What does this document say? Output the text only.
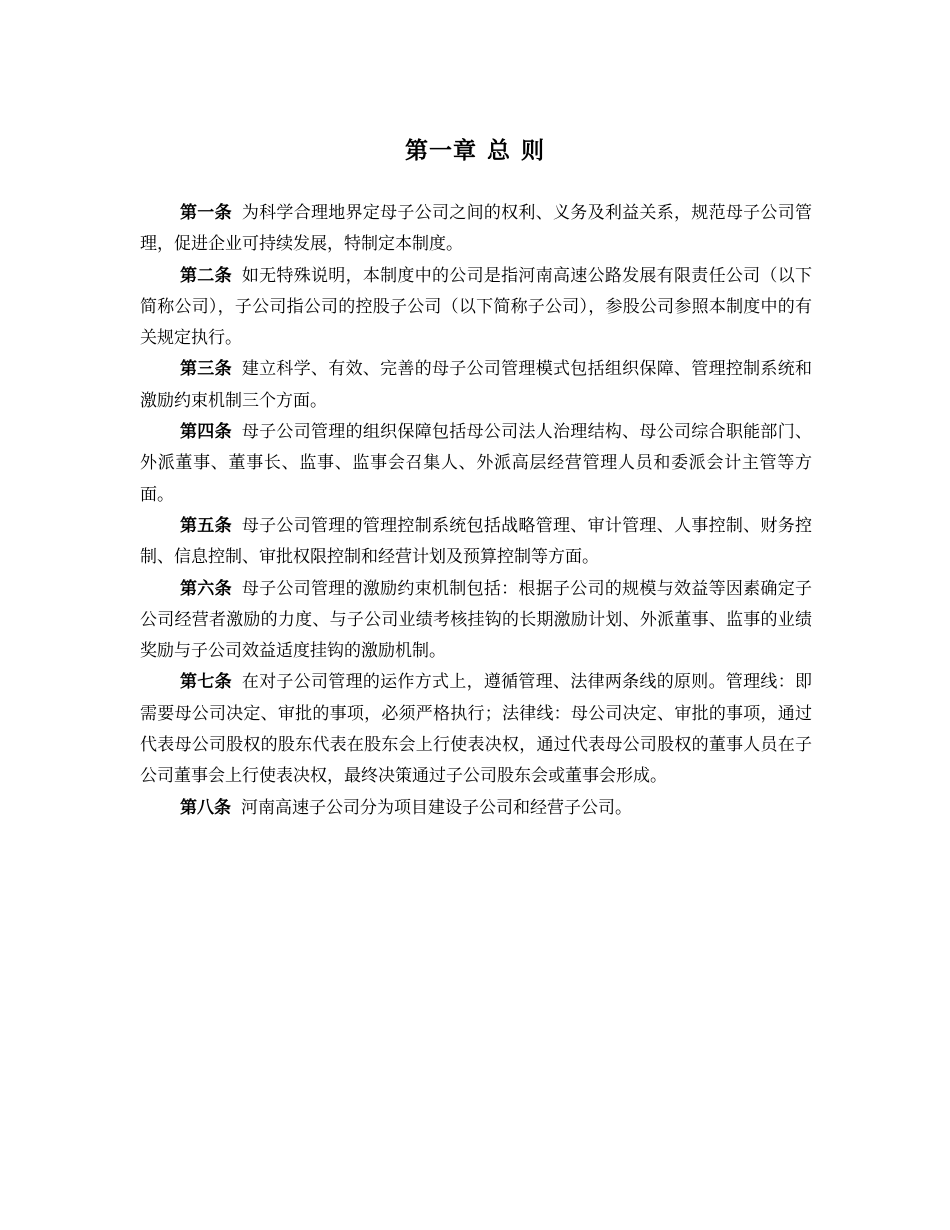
第一章 总 则

第一条 为科学合理地界定母子公司之间的权利、义务及利益关系，规范母子公司管理，促进企业可持续发展，特制定本制度。

第二条 如无特殊说明，本制度中的公司是指河南高速公路发展有限责任公司（以下简称公司），子公司指公司的控股子公司（以下简称子公司），参股公司参照本制度中的有关规定执行。

第三条 建立科学、有效、完善的母子公司管理模式包括组织保障、管理控制系统和激励约束机制三个方面。

第四条 母子公司管理的组织保障包括母公司法人治理结构、母公司综合职能部门、外派董事、董事长、监事、监事会召集人、外派高层经营管理人员和委派会计主管等方面。

第五条 母子公司管理的管理控制系统包括战略管理、审计管理、人事控制、财务控制、信息控制、审批权限控制和经营计划及预算控制等方面。

第六条 母子公司管理的激励约束机制包括：根据子公司的规模与效益等因素确定子公司经营者激励的力度、与子公司业绩考核挂钩的长期激励计划、外派董事、监事的业绩奖励与子公司效益适度挂钩的激励机制。

第七条 在对子公司管理的运作方式上，遵循管理、法律两条线的原则。管理线：即需要母公司决定、审批的事项，必须严格执行；法律线：母公司决定、审批的事项，通过代表母公司股权的股东代表在股东会上行使表决权，通过代表母公司股权的董事人员在子公司董事会上行使表决权，最终决策通过子公司股东会或董事会形成。

第八条 河南高速子公司分为项目建设子公司和经营子公司。
